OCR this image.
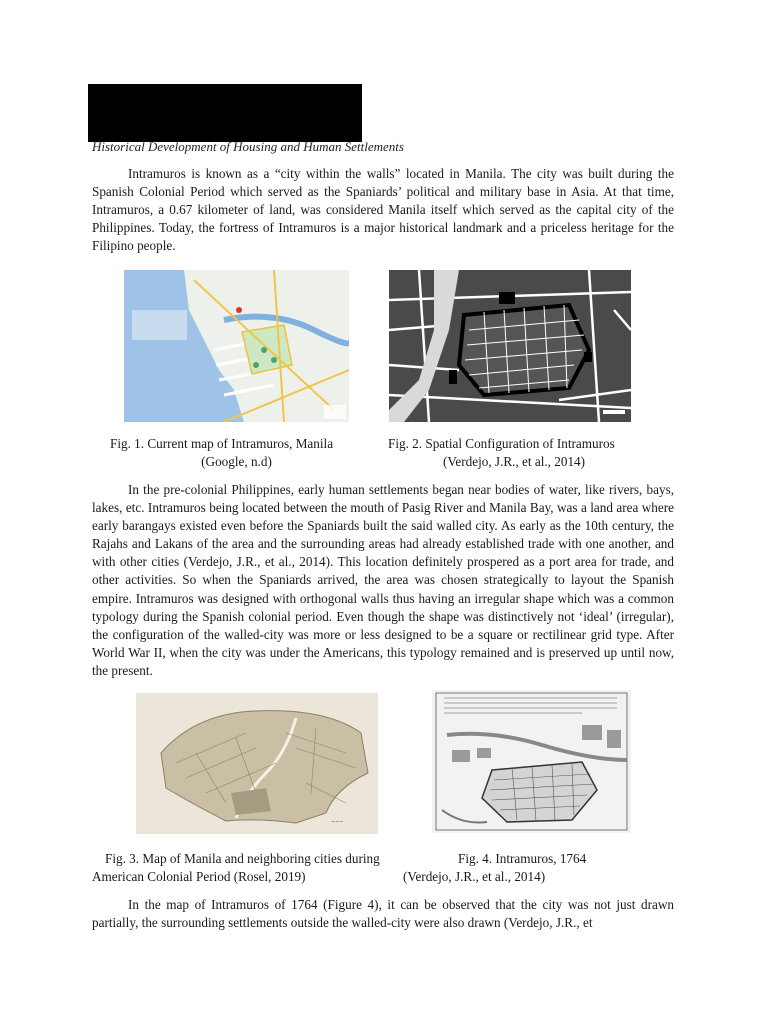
Historical Development of Housing and Human Settlements

Intramuros is known as a “city within the walls” located in Manila. The city was built during the Spanish Colonial Period which served as the Spaniards’ political and military base in Asia. At that time, Intramuros, a 0.67 kilometer of land, was considered Manila itself which served as the capital city of the Philippines. Today, the fortress of Intramuros is a major historical landmark and a priceless heritage for the Filipino people.

Fig. 1. Current map of Intramuros, Manila
(Google, n.d)
Fig. 2. Spatial Configuration of Intramuros
(Verdejo, J.R., et al., 2014)

In the pre-colonial Philippines, early human settlements began near bodies of water, like rivers, bays, lakes, etc. Intramuros being located between the mouth of Pasig River and Manila Bay, was a land area where early barangays existed even before the Spaniards built the said walled city. As early as the 10th century, the Rajahs and Lakans of the area and the surrounding areas had already established trade with one another, and with other cities (Verdejo, J.R., et al., 2014). This location definitely prospered as a port area for trade, and other activities. So when the Spaniards arrived, the area was chosen strategically to layout the Spanish empire. Intramuros was designed with orthogonal walls thus having an irregular shape which was a common typology during the Spanish colonial period. Even though the shape was distinctively not ‘ideal’ (irregular), the configuration of the walled-city was more or less designed to be a square or rectilinear grid type. After World War II, when the city was under the Americans, this typology remained and is preserved up until now, the present.

~~~
Fig. 3. Map of Manila and neighboring cities during
American Colonial Period (Rosel, 2019)
Fig. 4. Intramuros, 1764
(Verdejo, J.R., et al., 2014)

In the map of Intramuros of 1764 (Figure 4), it can be observed that the city was not just drawn partially, the surrounding settlements outside the walled-city were also drawn (Verdejo, J.R., et
